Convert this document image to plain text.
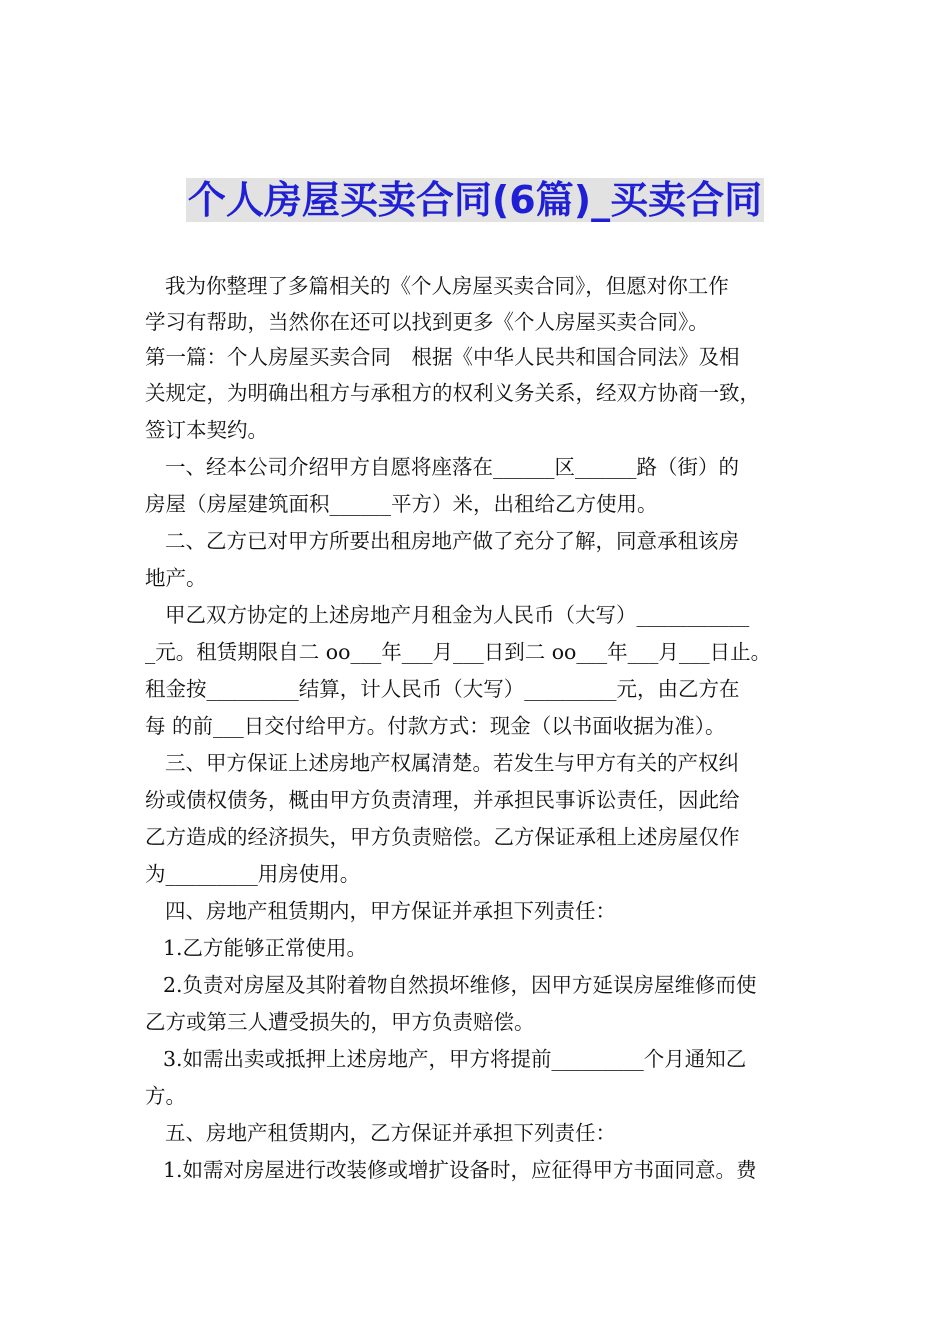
个人房屋买卖合同(6篇)_买卖合同
我为你整理了多篇相关的《个人房屋买卖合同》，但愿对你工作
学习有帮助，当然你在还可以找到更多《个人房屋买卖合同》。
第一篇：个人房屋买卖合同　根据《中华人民共和国合同法》及相
关规定，为明确出租方与承租方的权利义务关系，经双方协商一致，
签订本契约。
一、经本公司介绍甲方自愿将座落在______区______路（街）的
房屋（房屋建筑面积______平方）米，出租给乙方使用。
二、乙方已对甲方所要出租房地产做了充分了解，同意承租该房
地产。
甲乙双方协定的上述房地产月租金为人民币（大写）___________
_元。租赁期限自二 oo___年___月___日到二 oo___年___月___日止。
租金按_________结算，计人民币（大写）_________元，由乙方在
每 的前___日交付给甲方。付款方式：现金（以书面收据为准）。
三、甲方保证上述房地产权属清楚。若发生与甲方有关的产权纠
纷或债权债务，概由甲方负责清理，并承担民事诉讼责任，因此给
乙方造成的经济损失，甲方负责赔偿。乙方保证承租上述房屋仅作
为_________用房使用。
四、房地产租赁期内，甲方保证并承担下列责任：
1.乙方能够正常使用。
2.负责对房屋及其附着物自然损坏维修，因甲方延误房屋维修而使
乙方或第三人遭受损失的，甲方负责赔偿。
3.如需出卖或抵押上述房地产，甲方将提前_________个月通知乙
方。
五、房地产租赁期内，乙方保证并承担下列责任：
1.如需对房屋进行改装修或增扩设备时，应征得甲方书面同意。费
